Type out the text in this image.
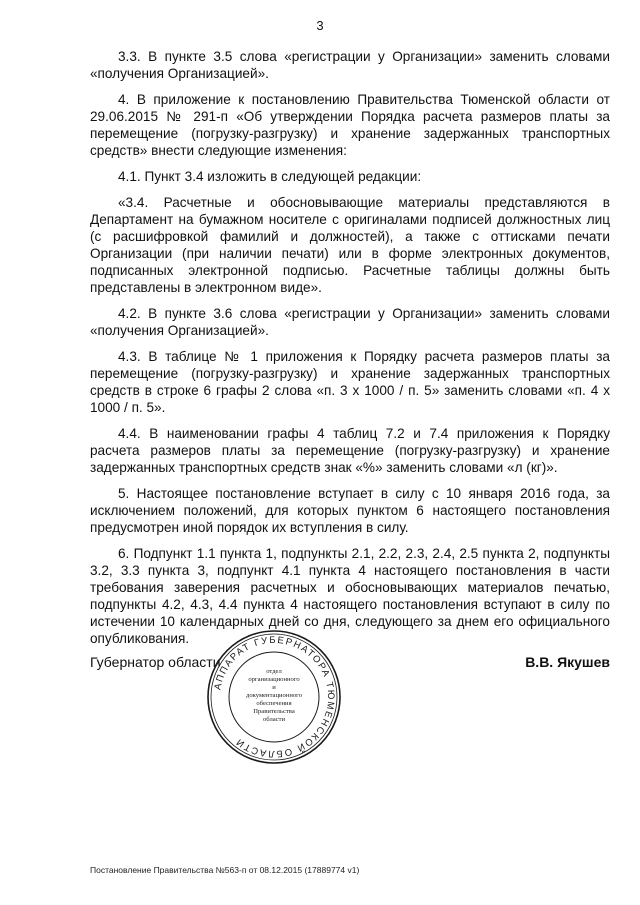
3

3.3. В пункте 3.5 слова «регистрации у Организации» заменить словами «получения Организацией».

4. В приложение к постановлению Правительства Тюменской области от 29.06.2015 № 291-п «Об утверждении Порядка расчета размеров платы за перемещение (погрузку-разгрузку) и хранение задержанных транспортных средств» внести следующие изменения:

4.1. Пункт 3.4 изложить в следующей редакции:

«3.4. Расчетные и обосновывающие материалы представляются в Департамент на бумажном носителе с оригиналами подписей должностных лиц (с расшифровкой фамилий и должностей), а также с оттисками печати Организации (при наличии печати) или в форме электронных документов, подписанных электронной подписью. Расчетные таблицы должны быть представлены в электронном виде».

4.2. В пункте 3.6 слова «регистрации у Организации» заменить словами «получения Организацией».

4.3. В таблице № 1 приложения к Порядку расчета размеров платы за перемещение (погрузку-разгрузку) и хранение задержанных транспортных средств в строке 6 графы 2 слова «п. 3 х 1000 / п. 5» заменить словами «п. 4 х 1000 / п. 5».

4.4. В наименовании графы 4 таблиц 7.2 и 7.4 приложения к Порядку расчета размеров платы за перемещение (погрузку-разгрузку) и хранение задержанных транспортных средств знак «%» заменить словами «л (кг)».

5. Настоящее постановление вступает в силу с 10 января 2016 года, за исключением положений, для которых пунктом 6 настоящего постановления предусмотрен иной порядок их вступления в силу.

6. Подпункт 1.1 пункта 1, подпункты 2.1, 2.2, 2.3, 2.4, 2.5 пункта 2, подпункты 3.2, 3.3 пункта 3, подпункт 4.1 пункта 4 настоящего постановления в части требования заверения расчетных и обосновывающих материалов печатью, подпункты 4.2, 4.3, 4.4 пункта 4 настоящего постановления вступают в силу по истечении 10 календарных дней со дня, следующего за днем его официального опубликования.

Губернатор области	В.В. Якушев
АППАРАТ ГУБЕРНАТОРА ТЮМЕНСКОЙ ОБЛАСТИ
отдел
организационного
и
документационного
обеспечения
Правительства
области
Постановление Правительства №563-п от 08.12.2015 (17889774 v1)
